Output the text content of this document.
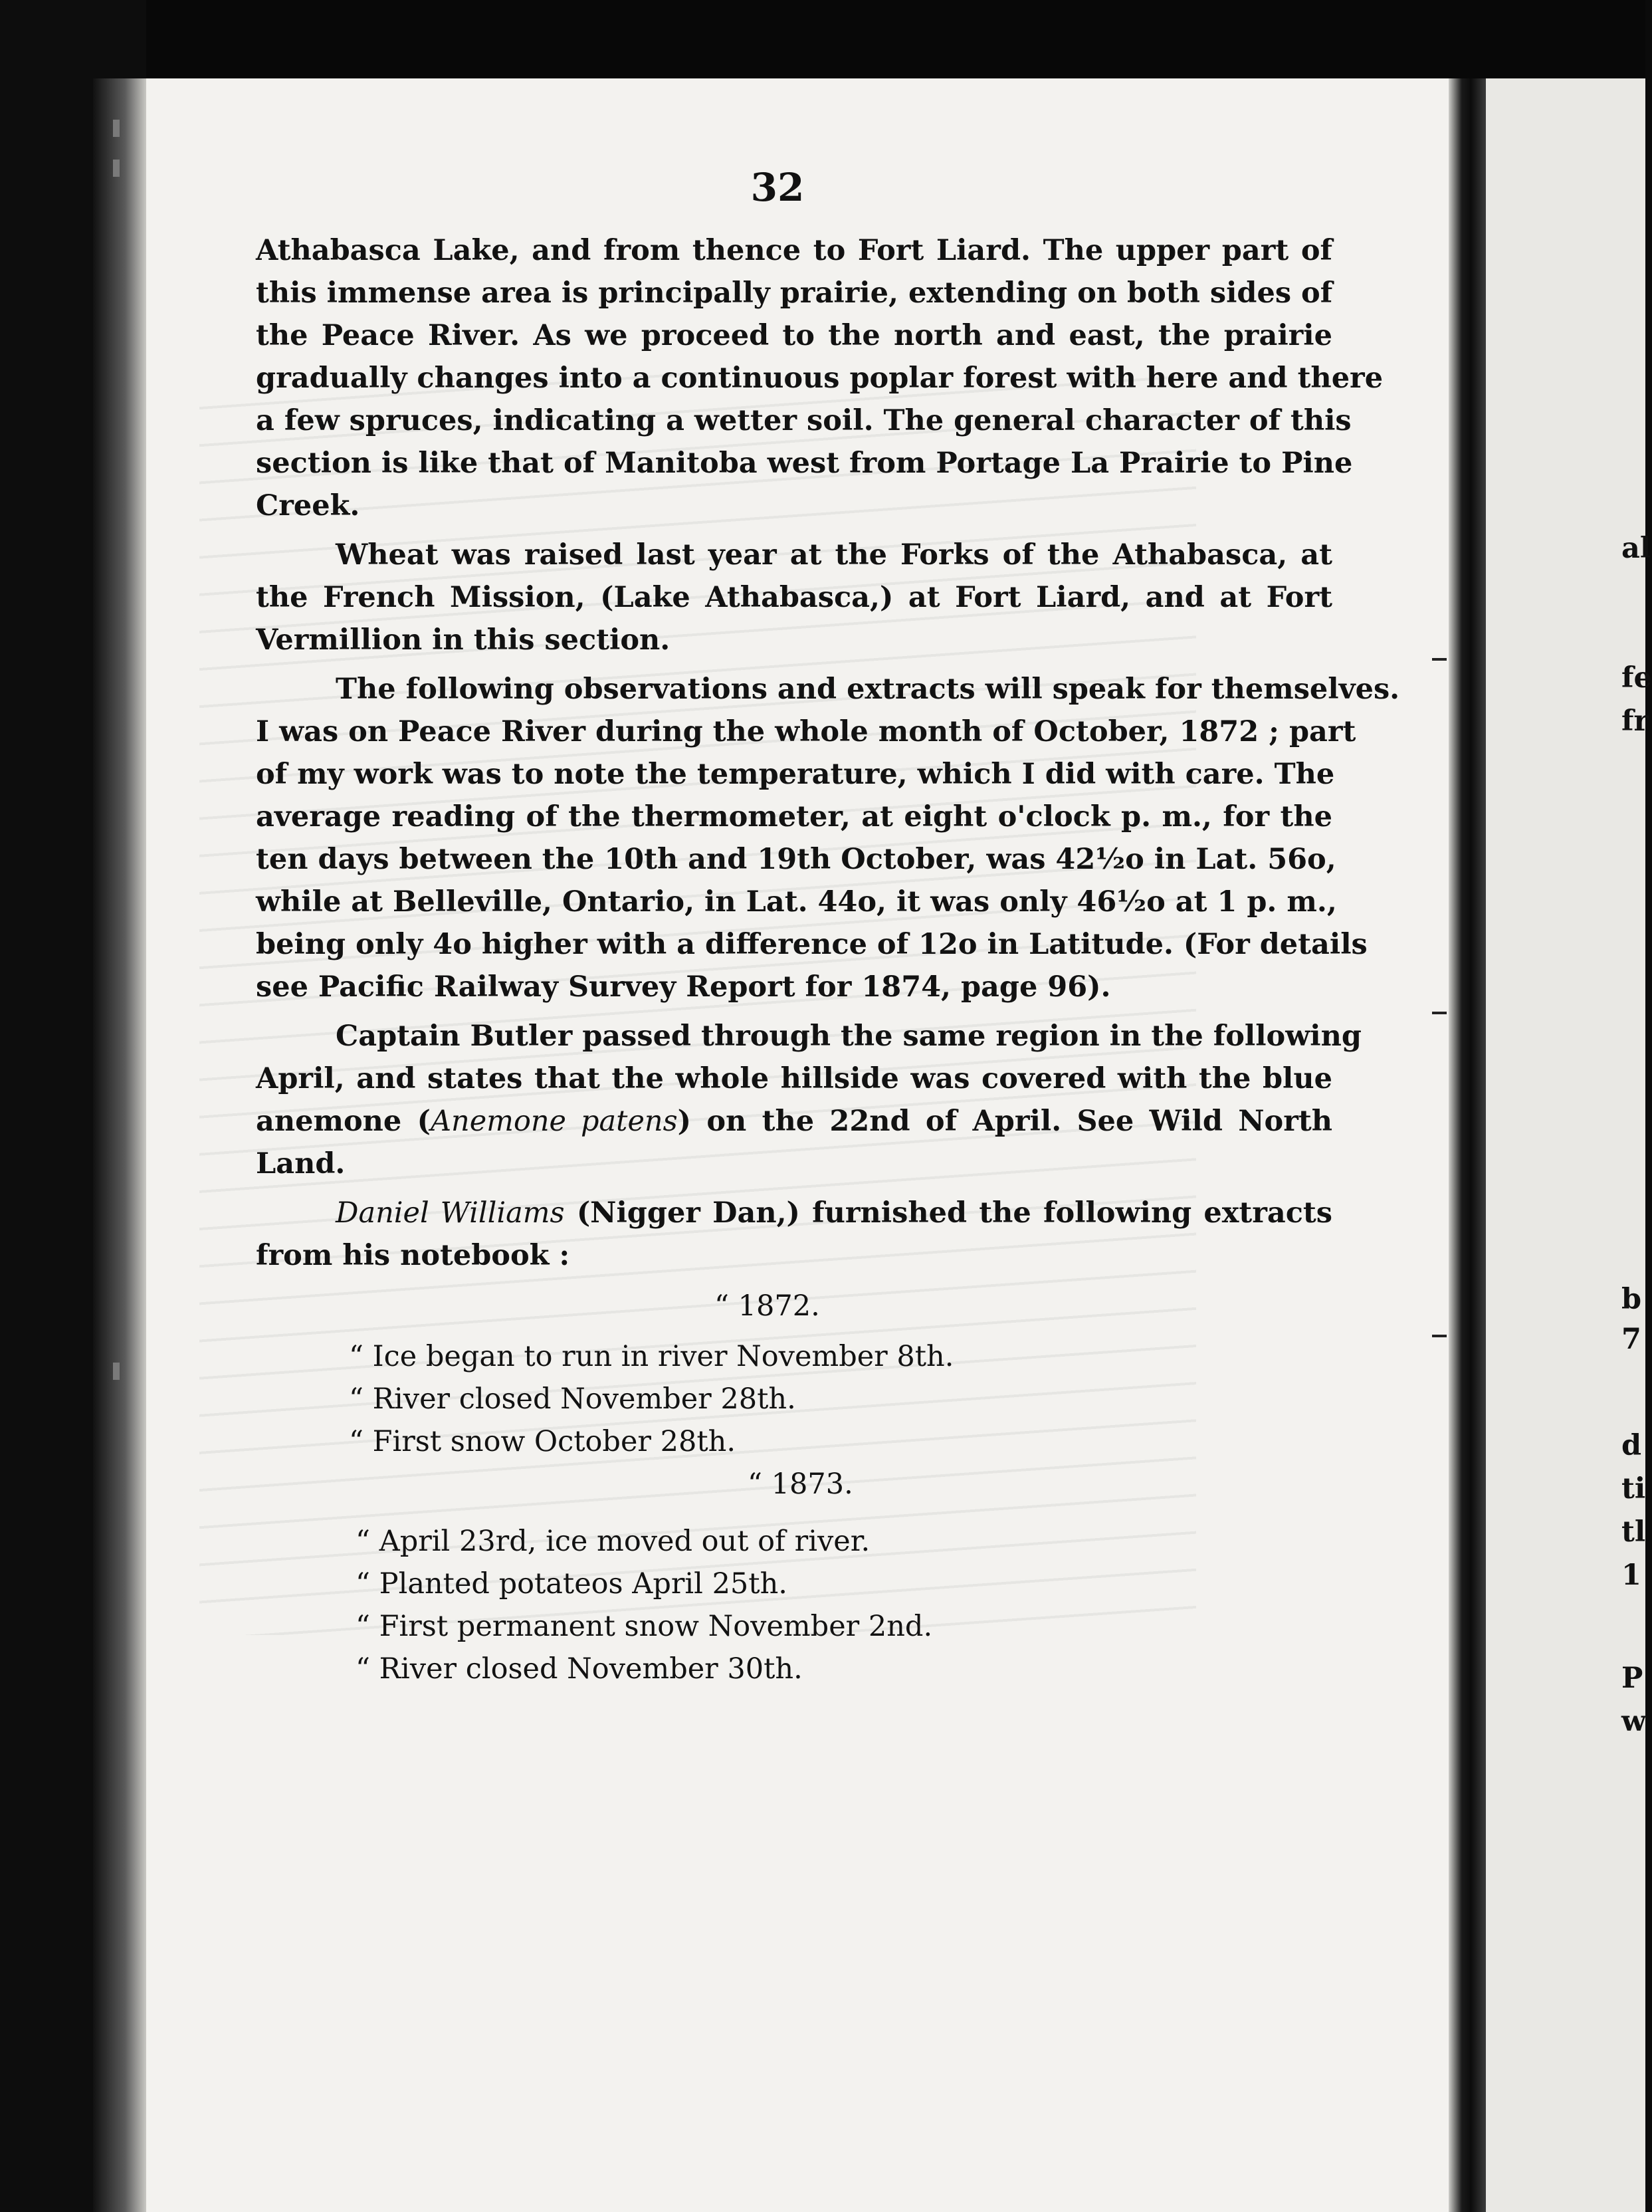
32

Athabasca Lake, and from thence to Fort Liard. The upper part of
this immense area is principally prairie, extending on both sides of
the Peace River. As we proceed to the north and east, the prairie
gradually changes into a continuous poplar forest with here and there
a few spruces, indicating a wetter soil. The general character of this
section is like that of Manitoba west from Portage La Prairie to Pine
Creek.

Wheat was raised last year at the Forks of the Athabasca, at
the French Mission, (Lake Athabasca,) at Fort Liard, and at Fort
Vermillion in this section.

The following observations and extracts will speak for themselves.
I was on Peace River during the whole month of October, 1872 ; part
of my work was to note the temperature, which I did with care. The
average reading of the thermometer, at eight o'clock p. m., for the
ten days between the 10th and 19th October, was 42½o in Lat. 56o,
while at Belleville, Ontario, in Lat. 44o, it was only 46½o at 1 p. m.,
being only 4o higher with a difference of 12o in Latitude. (For details
see Pacific Railway Survey Report for 1874, page 96).

Captain Butler passed through the same region in the following
April, and states that the whole hillside was covered with the blue
anemone (Anemone patens) on the 22nd of April. See Wild North
Land.

Daniel Williams (Nigger Dan,) furnished the following extracts
from his notebook :

“ 1872.
“ Ice began to run in river November 8th.
“ River closed November 28th.
“ First snow October 28th.
“ 1873.
“ April 23rd, ice moved out of river.
“ Planted potateos April 25th.
“ First permanent snow November 2nd.
“ River closed November 30th.
al
fe
fr
b
7
d
ti
tl
1
P
w
